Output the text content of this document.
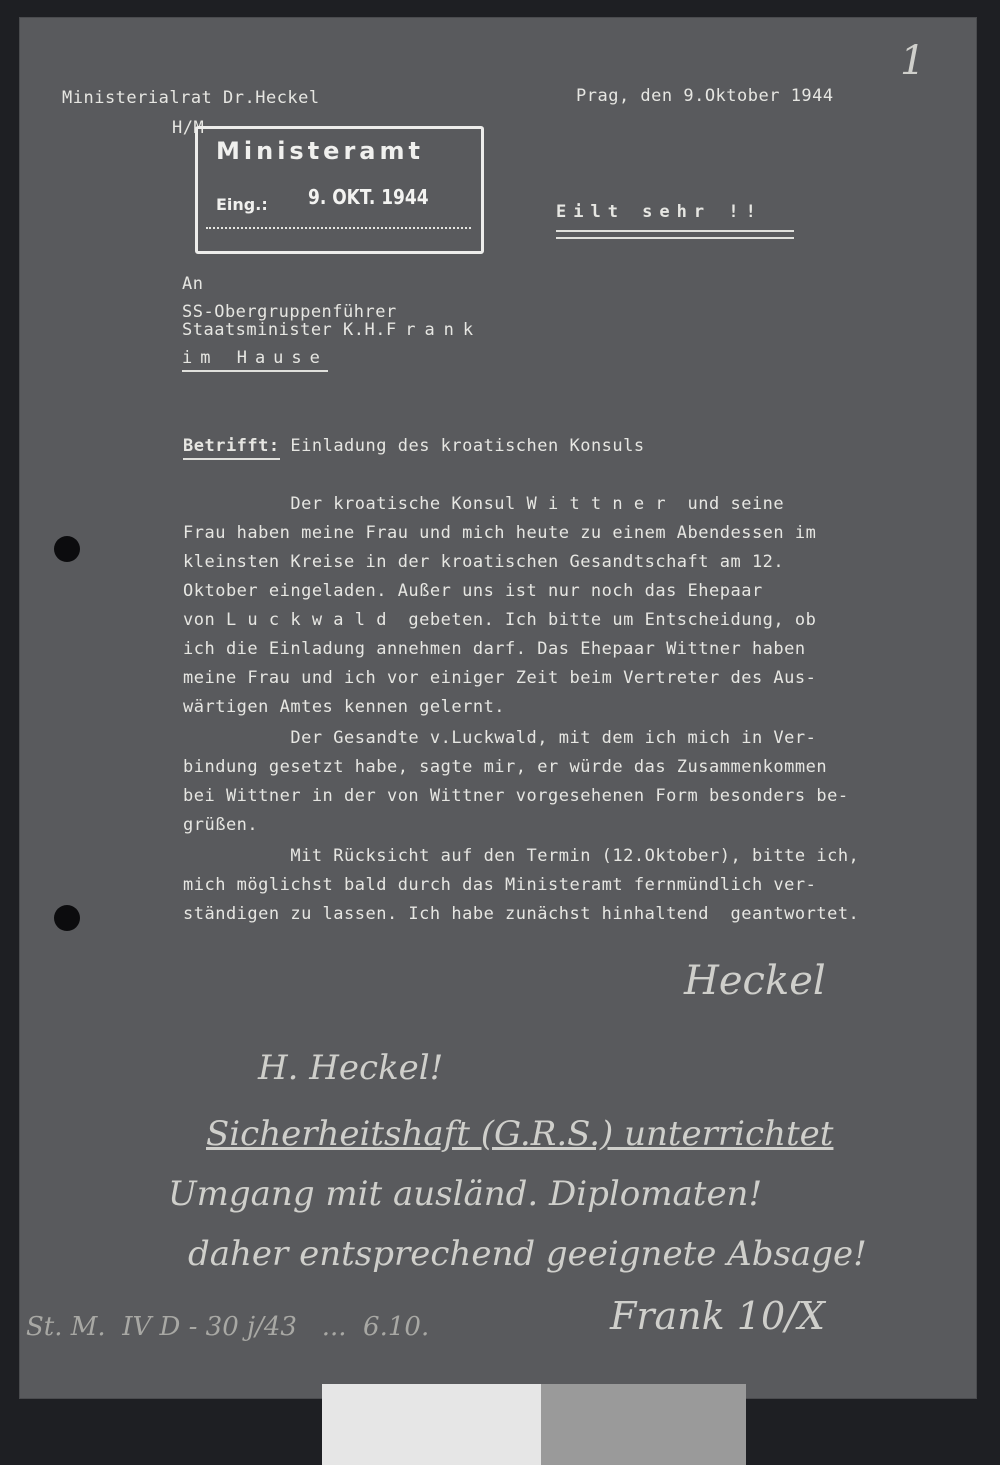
Ministerialrat Dr.Heckel	Prag, den 9.Oktober 1944
1
H/M
Ministeramt
Eing.: 9. OKT. 1944
Eilt sehr !!
An
SS-Obergruppenführer
Staatsminister K.H.Frank
im Hause
Betrifft: Einladung des kroatischen Konsuls
Der kroatische Konsul W i t t n e r  und seine
Frau haben meine Frau und mich heute zu einem Abendessen im
kleinsten Kreise in der kroatischen Gesandtschaft am 12.
Oktober eingeladen. Außer uns ist nur noch das Ehepaar
von L u c k w a l d  gebeten. Ich bitte um Entscheidung, ob
ich die Einladung annehmen darf. Das Ehepaar Wittner haben
meine Frau und ich vor einiger Zeit beim Vertreter des Aus-
wärtigen Amtes kennen gelernt.
Der Gesandte v.Luckwald, mit dem ich mich in Ver-
bindung gesetzt habe, sagte mir, er würde das Zusammenkommen
bei Wittner in der von Wittner vorgesehenen Form besonders be-
grüßen.
Mit Rücksicht auf den Termin (12.Oktober), bitte ich,
mich möglichst bald durch das Ministeramt fernmündlich ver-
ständigen zu lassen. Ich habe zunächst hinhaltend  geantwortet.
Heckel
H. Heckel!
Sicherheitshaft (G.R.S.) unterrichtet
Umgang mit ausländ. Diplomaten!
daher entsprechend geeignete Absage!
Frank 10/X
St. M.  IV D - 30 j/43   ...  6.10.
